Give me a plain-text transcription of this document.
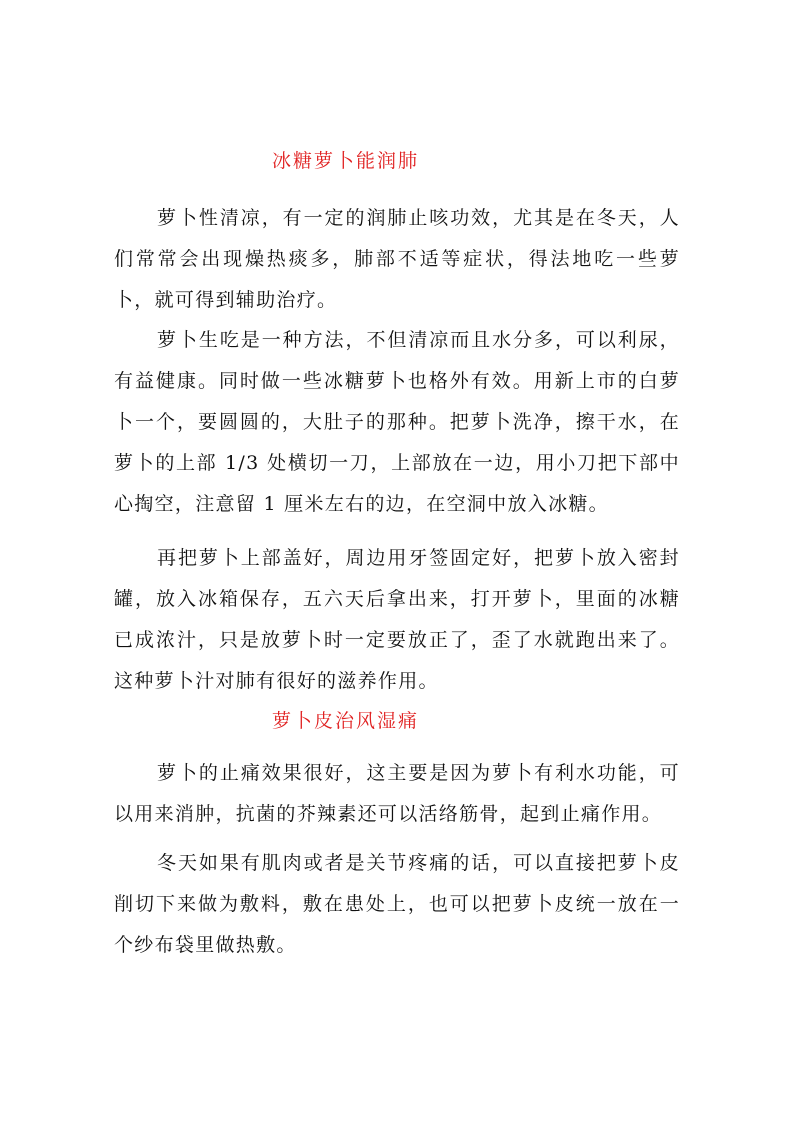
冰糖萝卜能润肺

萝卜性清凉，有一定的润肺止咳功效，尤其是在冬天，人们常常会出现燥热痰多，肺部不适等症状，得法地吃一些萝卜，就可得到辅助治疗。

萝卜生吃是一种方法，不但清凉而且水分多，可以利尿，有益健康。同时做一些冰糖萝卜也格外有效。用新上市的白萝卜一个，要圆圆的，大肚子的那种。把萝卜洗净，擦干水，在萝卜的上部 1/3 处横切一刀，上部放在一边，用小刀把下部中心掏空，注意留 1 厘米左右的边，在空洞中放入冰糖。

再把萝卜上部盖好，周边用牙签固定好，把萝卜放入密封罐，放入冰箱保存，五六天后拿出来，打开萝卜，里面的冰糖已成浓汁，只是放萝卜时一定要放正了，歪了水就跑出来了。这种萝卜汁对肺有很好的滋养作用。

萝卜皮治风湿痛

萝卜的止痛效果很好，这主要是因为萝卜有利水功能，可以用来消肿，抗菌的芥辣素还可以活络筋骨，起到止痛作用。

冬天如果有肌肉或者是关节疼痛的话，可以直接把萝卜皮削切下来做为敷料，敷在患处上，也可以把萝卜皮统一放在一个纱布袋里做热敷。
